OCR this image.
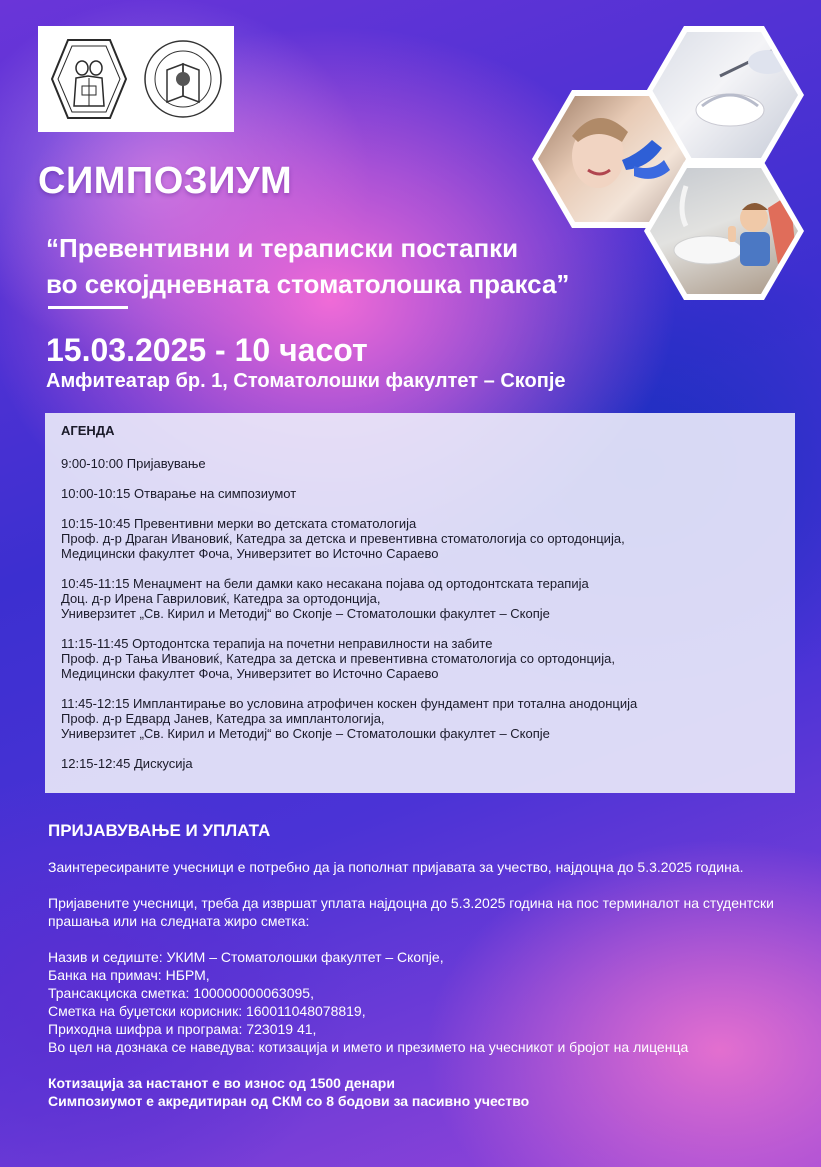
СИМПОЗИУМ
“Превентивни и тераписки постапки
во секојдневната стоматолошка пракса”

15.03.2025 - 10 часот

Амфитеатар бр. 1, Стоматолошки факултет – Скопје

АГЕНДА
9:00-10:00 Пријавување
10:00-10:15 Отварање на симпозиумот
10:15-10:45 Превентивни мерки во детската стоматологија
Проф. д-р Драган Ивановиќ, Катедра за детска и превентивна стоматологија со ортодонција,
Медицински факултет Фоча, Универзитет во Источно Сараево
10:45-11:15 Менаџмент на бели дамки како несакана појава од ортодонтската терапија
Доц. д-р Ирена Гавриловиќ, Катедра за ортодонција,
Универзитет „Св. Кирил и Методиј“ во Скопје – Стоматолошки факултет – Скопје
11:15-11:45 Ортодонтска терапија на почетни неправилности на забите
Проф. д-р Тања Ивановиќ, Катедра за детска и превентивна стоматологија со ортодонција,
Медицински факултет Фоча, Универзитет во Источно Сараево
11:45-12:15 Имплантирање во условина атрофичен коскен фундамент при тотална анодонција
Проф. д-р Едвард Јанев, Катедра за имплантологија,
Универзитет „Св. Кирил и Методиј“ во Скопје – Стоматолошки факултет – Скопје
12:15-12:45 Дискусија
ПРИЈАВУВАЊЕ И УПЛАТА

Заинтересираните учесници е потребно да ја пополнат пријавата за учество, најдоцна до 5.3.2025 година.

Пријавените учесници, треба да извршат уплата најдоцна до 5.3.2025 година на пос терминалот на студентски прашања или на следната жиро сметка:

Назив и седиште: УКИМ – Стоматолошки факултет – Скопје,

Банка на примач: НБРМ,

Трансакциска сметка: 100000000063095,

Сметка на буџетски корисник: 160011048078819,

Приходна шифра и програма: 723019 41,

Во цел на дознака се наведува: котизација и името и презимето на учесникот и бројот на лиценца

Котизација за настанот е во износ од 1500 денари

Симпозиумот е акредитиран од СКМ со 8 бодови за пасивно учество
